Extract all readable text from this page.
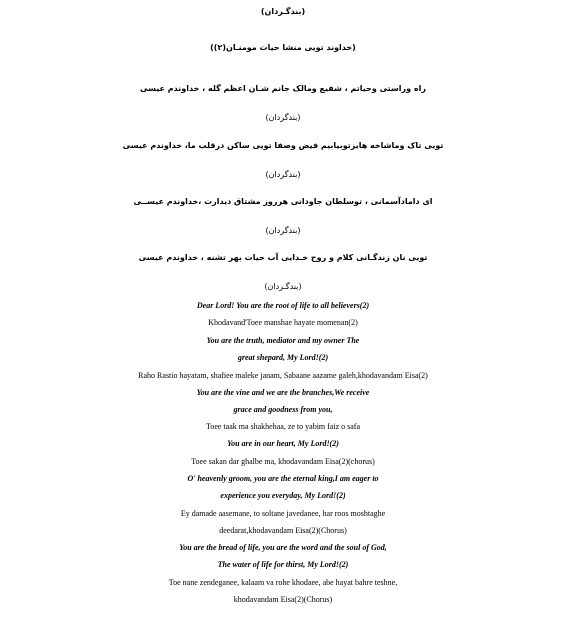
(بندگـردان)
(خداوند تویی منشا حیات مومنـان(۲))
راه وراستی وحیاتم ، شفیع ومالک جانم شـان اعظم گله ، خداوندم عیسی
(بندگردان)
تویی تاک وماشاخه هایزتوبیابیم فیض وصفا تویی ساکن درقلب ما، خداوندم عیسی
(بندگردان)
ای دامادآسمانی ، توسلطان جاودانی هرروز مشتاق دیدارت ،خداوندم عیســی
(بندگردان)
تویی نان زندگـانی کلام و روح خـدایی آب حیات بهر تشنه ، خداوندم عیسی
(بندگـردان)
Dear Lord! You are the root of life to all believers(2)
Khodavand'Toee manshae hayate momenan(2)
You are the truth, mediator and my owner The
great shepard, My Lord!(2)
Raho Rastio hayatam, shafiee maleke janam, Sabaane aazame galeh,khodavandam Eisa(2)
You are the vine and we are the branches,We receive
grace and goodness from you,
Toee taak ma shakhehaa, ze to yabim faiz o safa
You are in our heart, My Lord!(2)
Toee sakan dar ghalbe ma, khodavandam Eisa(2)(chorus)
O' heavenly groom, you are the eternal king,I am eager to
experience you everyday, My Lord!(2)
Ey damade aasemane, to soltane javedanee, har roos moshtaghe
deedarat,khodavandam Eisa(2)(Chorus)
You are the bread of life, you are the word and the soul of God,
The water of life for thirst, My Lord!(2)
Toe nane zendeganee, kalaam va rohe khodaee, abe hayat bahre teshne,
khodavandam Eisa(2)(Chorus)
